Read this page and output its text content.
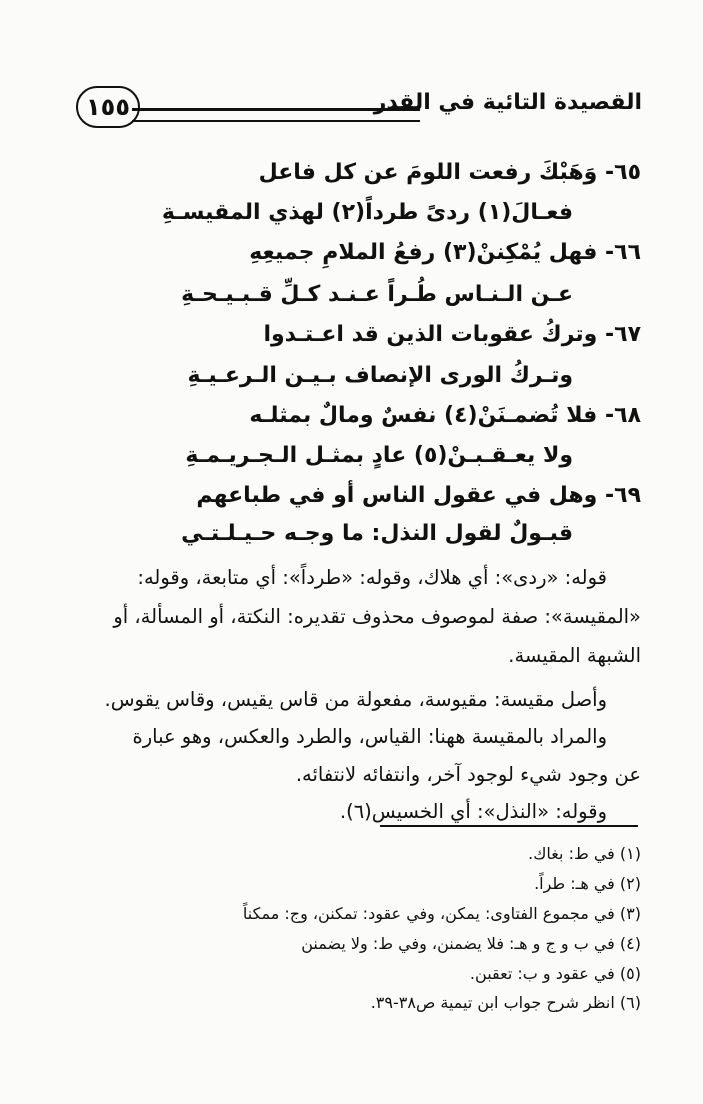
١٥٥	القصيدة التائية في القدر
٦٥- وَهَبْكَ رفعت اللومَ عن كل فاعل
فعـالَ(١) ردىً طرداً(٢) لهذي المقيسـةِ
٦٦- فهل يُمْكِننْ(٣) رفعُ الملامِ جميعِهِ
عـن الـنـاس طُـراً عـنـد كـلِّ قـبـيـحـةِ
٦٧- وتركُ عقوبات الذين قد اعـتـدوا
وتـركُ الورى الإنصاف بـيـن الـرعـيـةِ
٦٨- فلا تُضمـنَنْ(٤) نفسٌ ومالٌ بمثلـه
ولا يعـقـبـنْ(٥) عادٍ بمثـل الـجـريـمـةِ
٦٩- وهل في عقول الناس أو في طباعهم
قبـولٌ لقول النذل: ما وجـه حـيـلـتـي
قوله: «ردى»: أي هلاك، وقوله: «طرداً»: أي متابعة، وقوله:
«المقيسة»: صفة لموصوف محذوف تقديره: النكتة، أو المسألة، أو
الشبهة المقيسة.
وأصل مقيسة: مقيوسة، مفعولة من قاس يقيس، وقاس يقوس.
والمراد بالمقيسة ههنا: القياس، والطرد والعكس، وهو عبارة
عن وجود شيء لوجود آخر، وانتفائه لانتفائه.
وقوله: «النذل»: أي الخسيس(٦).
(١) في ط: بغاك.
(٢) في هـ: طراً.
(٣) في مجموع الفتاوى: يمكن، وفي عقود: تمكنن، وج: ممكناً
(٤) في ب و ج و هـ: فلا يضمنن، وفي ط: ولا يضمنن
(٥) في عقود و ب: تعقبن.
(٦) انظر شرح جواب ابن تيمية ص٣٨-٣٩.
